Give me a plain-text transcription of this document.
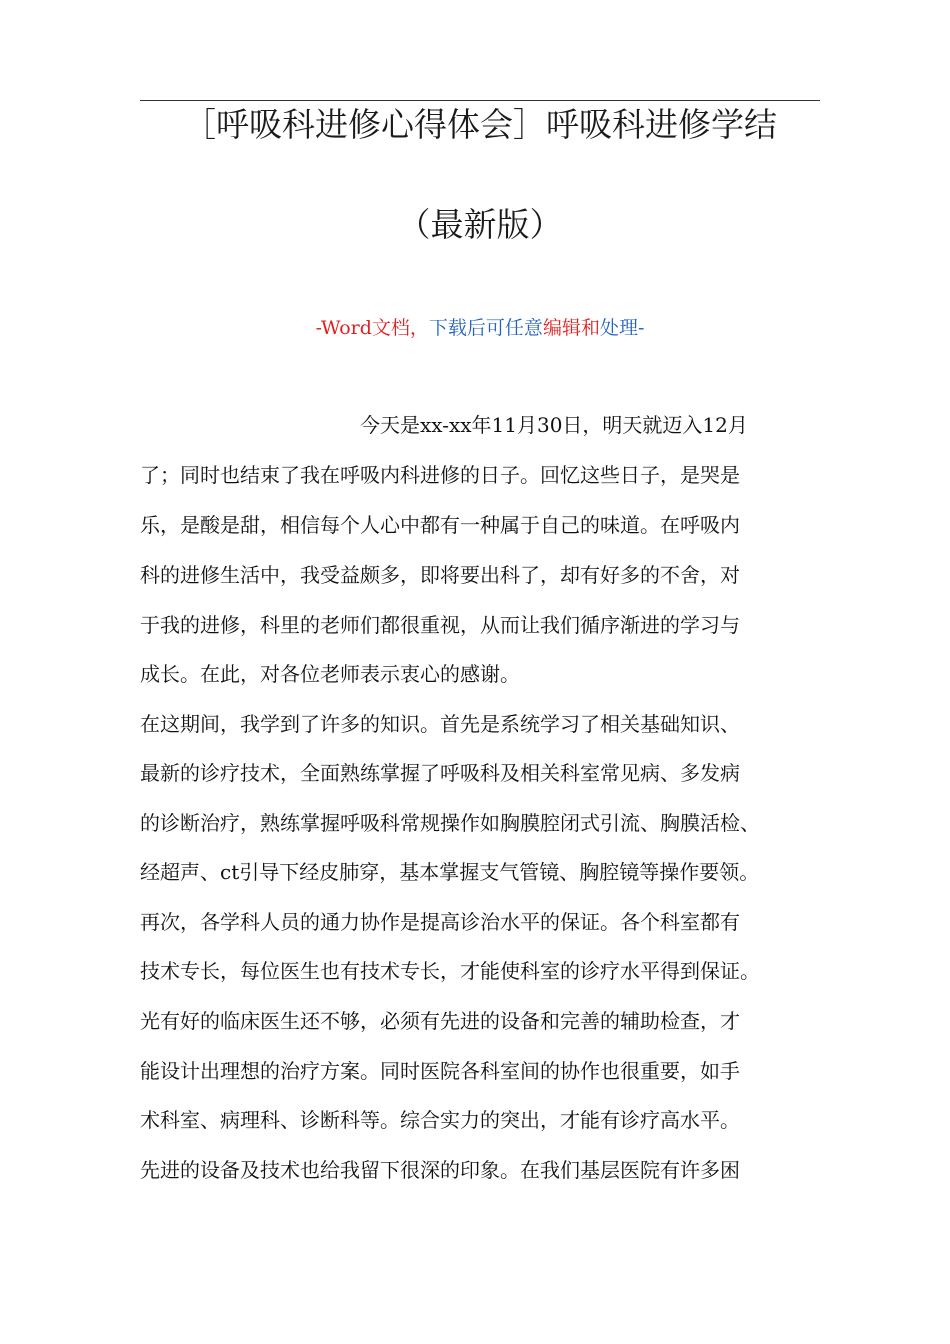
［呼吸科进修心得体会］呼吸科进修学结
（最新版）
-Word文档，下载后可任意编辑和处理-
今天是xx-xx年11月30日，明天就迈入12月
了；同时也结束了我在呼吸内科进修的日子。回忆这些日子，是哭是
乐，是酸是甜，相信每个人心中都有一种属于自己的味道。在呼吸内
科的进修生活中，我受益颇多，即将要出科了，却有好多的不舍，对
于我的进修，科里的老师们都很重视，从而让我们循序渐进的学习与
成长。在此，对各位老师表示衷心的感谢。
在这期间，我学到了许多的知识。首先是系统学习了相关基础知识、
最新的诊疗技术，全面熟练掌握了呼吸科及相关科室常见病、多发病
的诊断治疗，熟练掌握呼吸科常规操作如胸膜腔闭式引流、胸膜活检、
经超声、ct引导下经皮肺穿，基本掌握支气管镜、胸腔镜等操作要领。
再次，各学科人员的通力协作是提高诊治水平的保证。各个科室都有
技术专长，每位医生也有技术专长，才能使科室的诊疗水平得到保证。
光有好的临床医生还不够，必须有先进的设备和完善的辅助检查，才
能设计出理想的治疗方案。同时医院各科室间的协作也很重要，如手
术科室、病理科、诊断科等。综合实力的突出，才能有诊疗高水平。
先进的设备及技术也给我留下很深的印象。在我们基层医院有许多困
